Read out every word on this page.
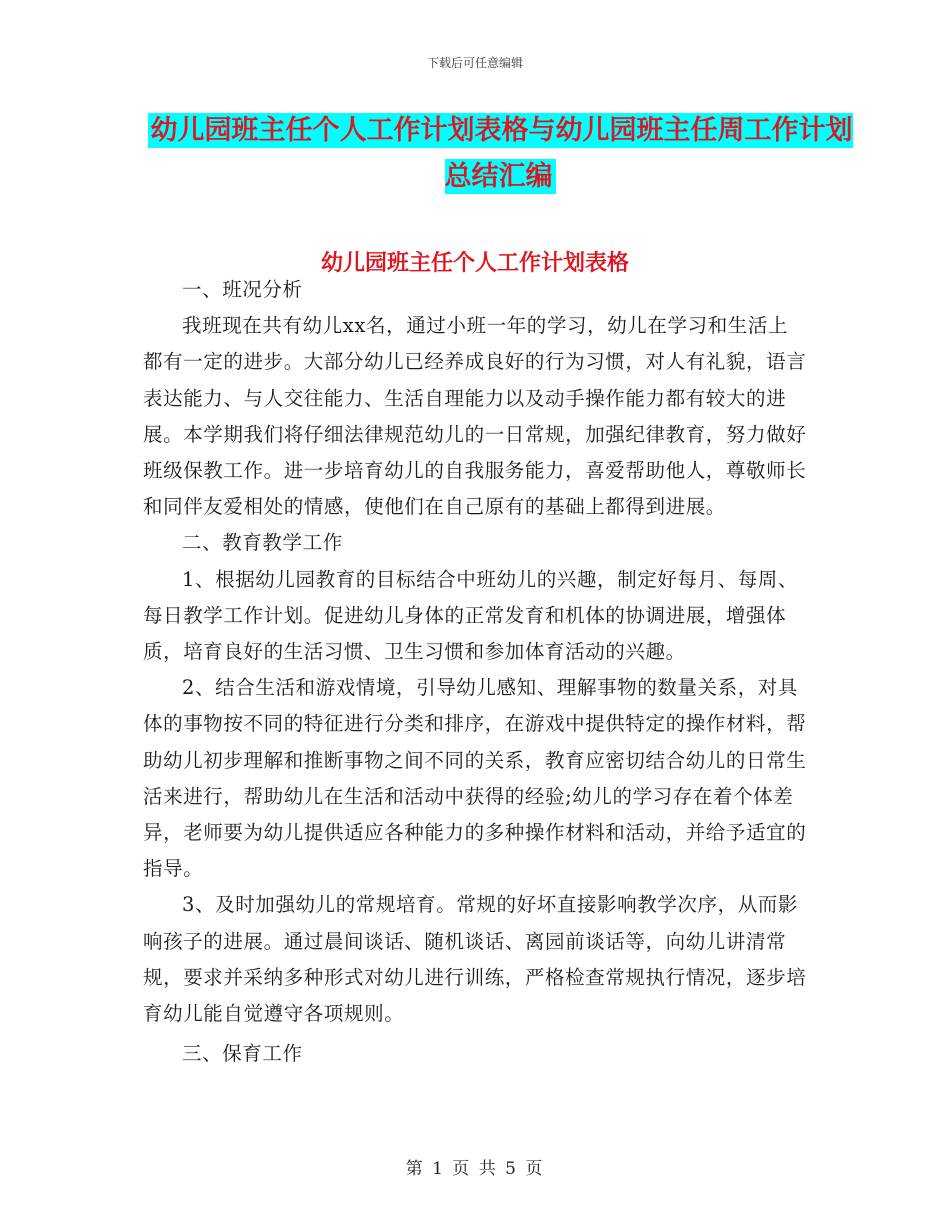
下载后可任意编辑
幼儿园班主任个人工作计划表格与幼儿园班主任周工作计划总结汇编
幼儿园班主任个人工作计划表格

一、班况分析

我班现在共有幼儿xx名，通过小班一年的学习，幼儿在学习和生活上都有一定的进步。大部分幼儿已经养成良好的行为习惯，对人有礼貌，语言表达能力、与人交往能力、生活自理能力以及动手操作能力都有较大的进展。本学期我们将仔细法律规范幼儿的一日常规，加强纪律教育，努力做好班级保教工作。进一步培育幼儿的自我服务能力，喜爱帮助他人，尊敬师长和同伴友爱相处的情感，使他们在自己原有的基础上都得到进展。

二、教育教学工作

1、根据幼儿园教育的目标结合中班幼儿的兴趣，制定好每月、每周、每日教学工作计划。促进幼儿身体的正常发育和机体的协调进展，增强体质，培育良好的生活习惯、卫生习惯和参加体育活动的兴趣。

2、结合生活和游戏情境，引导幼儿感知、理解事物的数量关系，对具体的事物按不同的特征进行分类和排序，在游戏中提供特定的操作材料，帮助幼儿初步理解和推断事物之间不同的关系，教育应密切结合幼儿的日常生活来进行，帮助幼儿在生活和活动中获得的经验;幼儿的学习存在着个体差异，老师要为幼儿提供适应各种能力的多种操作材料和活动，并给予适宜的指导。

3、及时加强幼儿的常规培育。常规的好坏直接影响教学次序，从而影响孩子的进展。通过晨间谈话、随机谈话、离园前谈话等，向幼儿讲清常规，要求并采纳多种形式对幼儿进行训练，严格检查常规执行情况，逐步培育幼儿能自觉遵守各项规则。

三、保育工作

第 1 页 共 5 页
